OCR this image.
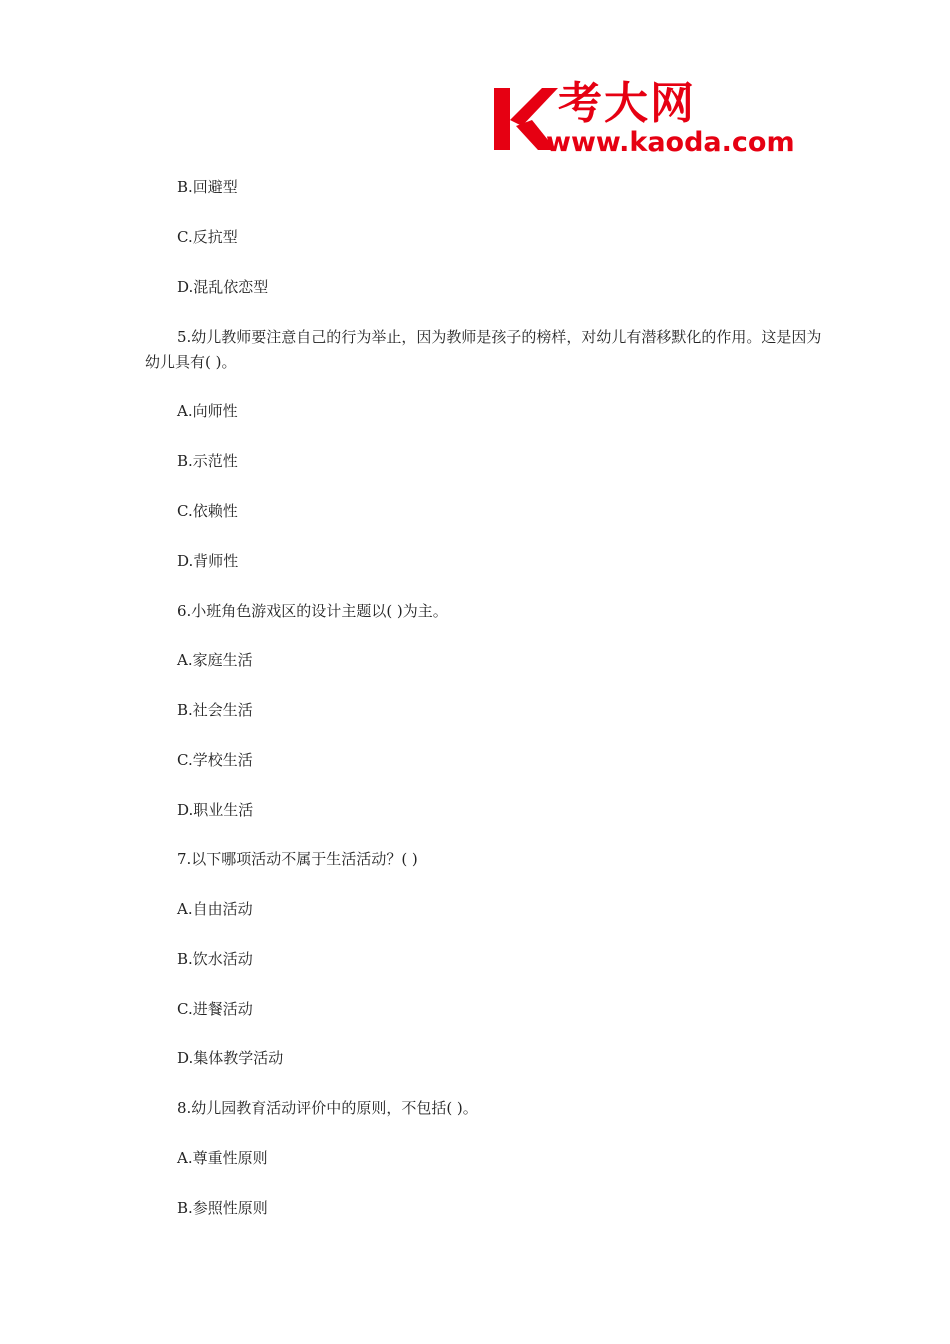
考大网
www.kaoda.com
B.回避型
C.反抗型
D.混乱依恋型
5.幼儿教师要注意自己的行为举止，因为教师是孩子的榜样，对幼儿有潜移默化的作用。这是因为幼儿具有( )。
A.向师性
B.示范性
C.依赖性
D.背师性
6.小班角色游戏区的设计主题以( )为主。
A.家庭生活
B.社会生活
C.学校生活
D.职业生活
7.以下哪项活动不属于生活活动？( )
A.自由活动
B.饮水活动
C.进餐活动
D.集体教学活动
8.幼儿园教育活动评价中的原则，不包括( )。
A.尊重性原则
B.参照性原则
